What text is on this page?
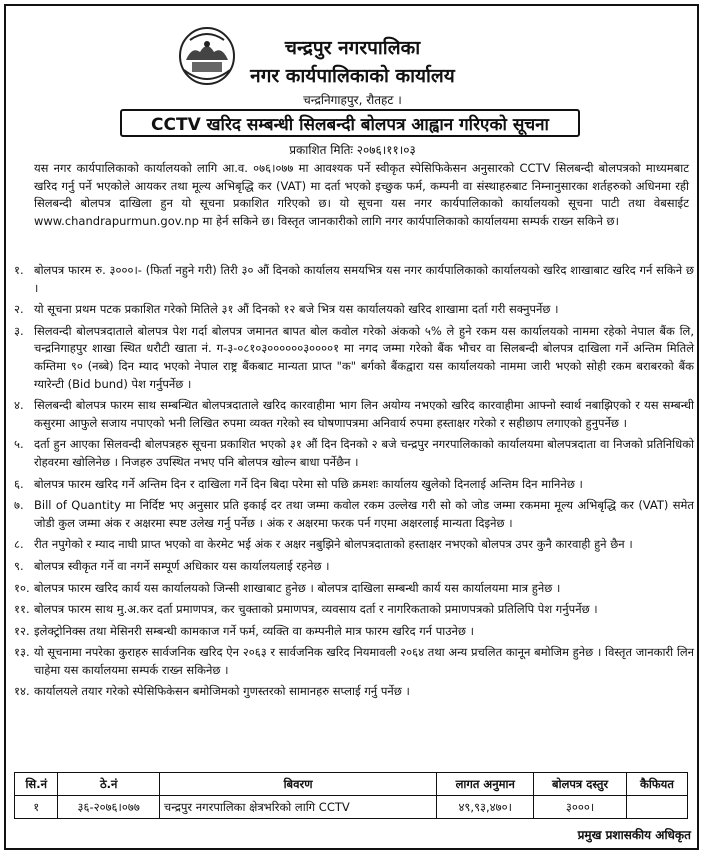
चन्द्रपुर नगरपालिका
नगर कार्यपालिकाको कार्यालय
चन्द्रनिगाहपुर, रौतहट ।
CCTV खरिद सम्बन्धी सिलबन्दी बोलपत्र आह्वान गरिएको सूचना
प्रकाशित मितिः २०७६।११।०३
यस नगर कार्यपालिकाको कार्यालयको लागि आ.व. ०७६।०७७ मा आवश्यक पर्ने स्वीकृत स्पेसिफिकेसन अनुसारको CCTV सिलबन्दी बोलपत्रको माध्यमबाट खरिद गर्नु पर्ने भएकोले आयकर तथा मूल्य अभिबृद्धि कर (VAT) मा दर्ता भएको इच्छुक फर्म, कम्पनी वा संस्थाहरुबाट निम्नानुसारका शर्तहरुको अधिनमा रही सिलबन्दी बोलपत्र दाखिला हुन यो सूचना प्रकाशित गरिएको छ। यो सूचना यस नगर कार्यपालिकाको कार्यालयको सूचना पाटी तथा वेबसाईट www.chandrapurmun.gov.np मा हेर्न सकिने छ। विस्तृत जानकारीको लागि नगर कार्यपालिकाको कार्यालयमा सम्पर्क राख्न सकिने छ।
१. बोलपत्र फारम रु. ३०००।- (फिर्ता नहुने गरी) तिरी ३० औं दिनको कार्यालय समयभित्र यस नगर कार्यपालिकाको कार्यालयको खरिद शाखाबाट खरिद गर्न सकिने छ ।
२. यो सूचना प्रथम पटक प्रकाशित गरेको मितिले ३१ औं दिनको १२ बजे भित्र यस कार्यालयको खरिद शाखामा दर्ता गरी सक्नुपर्नेछ ।
३. सिलवन्दी बोलपत्रदाताले बोलपत्र पेश गर्दा बोलपत्र जमानत बापत बोल कवोल गरेको अंकको ५% ले हुने रकम यस कार्यालयको नाममा रहेको नेपाल बैंक लि, चन्द्रनिगाहपुर शाखा स्थित धरौटी खाता नं. ग-३-०८१०३००००००३००००१ मा नगद जम्मा गरेको बैंक भौचर वा सिलबन्दी बोलपत्र दाखिला गर्ने अन्तिम मितिले कम्तिमा ९० (नब्बे) दिन म्याद भएको नेपाल राष्ट्र बैंकबाट मान्यता प्राप्त "क" बर्गको बैंकद्वारा यस कार्यालयको नाममा जारी भएको सोही रकम बराबरको बैंक ग्यारेन्टी (Bid bund) पेश गर्नुपर्नेछ ।
४. सिलबन्दी बोलपत्र फारम साथ सम्बन्धित बोलपत्रदाताले खरिद कारवाहीमा भाग लिन अयोग्य नभएको खरिद कारवाहीमा आफ्नो स्वार्थ नबाझिएको र यस सम्बन्धी कसुरमा आफुले सजाय नपाएको भनी लिखित रुपमा व्यक्त गरेको स्व घोषणापत्रमा अनिवार्य रुपमा हस्ताक्षर गरेको र सहीछाप लगाएको हुनुपर्नेछ ।
५. दर्ता हुन आएका सिलवन्दी बोलपत्रहरु सूचना प्रकाशित भएको ३१ औं दिन दिनको २ बजे चन्द्रपुर नगरपालिकाको कार्यालयमा बोलपत्रदाता वा निजको प्रतिनिधिको रोहवरमा खोलिनेछ । निजहरु उपस्थित नभए पनि बोलपत्र खोल्न बाधा पर्नेछैन ।
६. बोलपत्र फारम खरिद गर्ने अन्तिम दिन र दाखिला गर्ने दिन बिदा परेमा सो पछि क्रमशः कार्यालय खुलेको दिनलाई अन्तिम दिन मानिनेछ ।
७. Bill of Quantity मा निर्दिष्ट भए अनुसार प्रति इकाई दर तथा जम्मा कवोल रकम उल्लेख गरी सो को जोड जम्मा रकममा मूल्य अभिबृद्धि कर (VAT) समेत जोडी कुल जम्मा अंक र अक्षरमा स्पष्ट उलेख गर्नु पर्नेछ । अंक र अक्षरमा फरक पर्न गएमा अक्षरलाई मान्यता दिइनेछ ।
८. रीत नपुगेको र म्याद नाघी प्राप्त भएको वा केरमेट भई अंक र अक्षर नबुझिने बोलपत्रदाताको हस्ताक्षर नभएको बोलपत्र उपर कुनै कारवाही हुने छैन ।
९. बोलपत्र स्वीकृत गर्ने वा नगर्ने सम्पूर्ण अधिकार यस कार्यालयलाई रहनेछ ।
१०. बोलपत्र फारम खरिद कार्य यस कार्यालयको जिन्सी शाखाबाट हुनेछ । बोलपत्र दाखिला सम्बन्धी कार्य यस कार्यालयमा मात्र हुनेछ ।
११. बोलपत्र फारम साथ मु.अ.कर दर्ता प्रमाणपत्र, कर चुक्ताको प्रमाणपत्र, व्यवसाय दर्ता र नागरिकताको प्रमाणपत्रको प्रतिलिपि पेश गर्नुपर्नेछ ।
१२. इलेक्ट्रोनिक्स तथा मेसिनरी सम्बन्धी कामकाज गर्ने फर्म, व्यक्ति वा कम्पनीले मात्र फारम खरिद गर्न पाउनेछ ।
१३. यो सूचनामा नपरेका कुराहरु सार्वजनिक खरिद ऐन २०६३ र सार्वजनिक खरिद नियमावली २०६४ तथा अन्य प्रचलित कानून बमोजिम हुनेछ । विस्तृत जानकारी लिन चाहेमा यस कार्यालयमा सम्पर्क राख्न सकिनेछ ।
१४. कार्यालयले तयार गरेको स्पेसिफिकेसन बमोजिमको गुणस्तरको सामानहरु सप्लाई गर्नु पर्नेछ ।
सि.नं	ठे.नं	बिवरण	लागत अनुमान	बोलपत्र दस्तुर	कैफियत
१	३६-२०७६।०७७	चन्द्रपुर नगरपालिका क्षेत्रभरिको लागि CCTV	४९,९३,४७०।	३०००।	
प्रमुख प्रशासकीय अधिकृत
